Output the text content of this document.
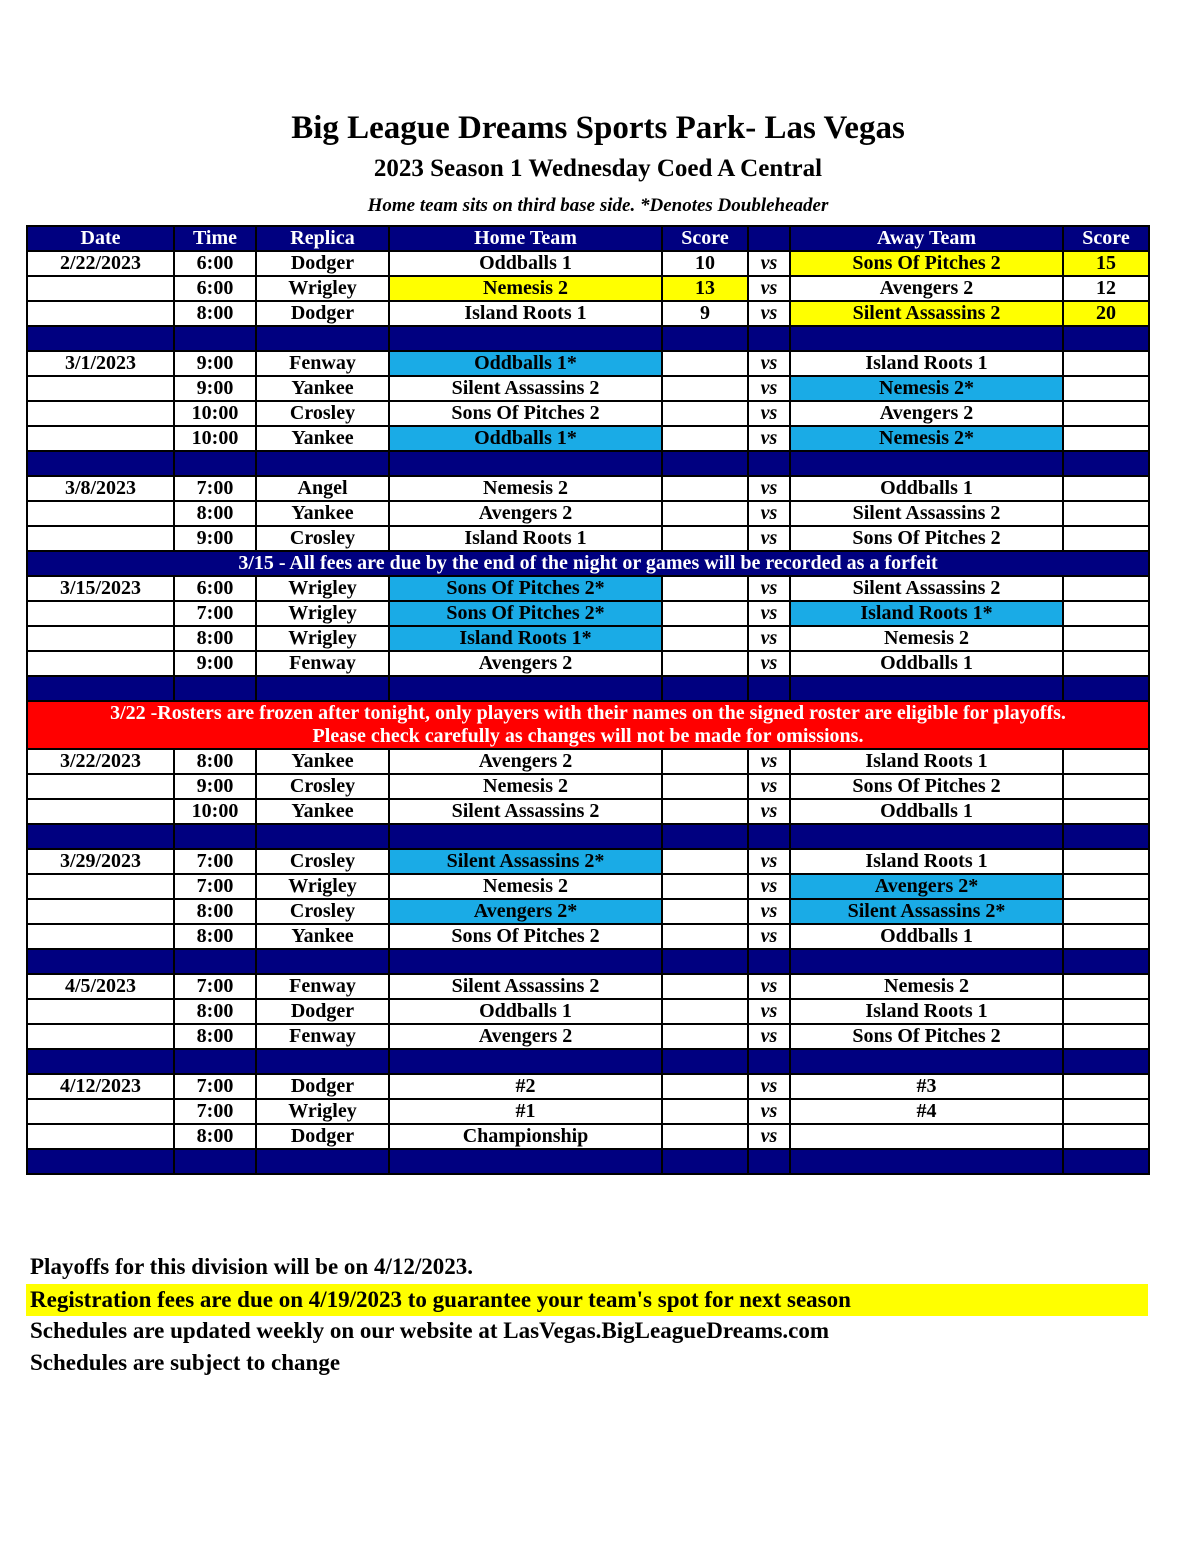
Big League Dreams Sports Park- Las Vegas
2023 Season 1 Wednesday Coed A Central
Home team sits on third base side. *Denotes Doubleheader
Date	Time	Replica	Home Team	Score		Away Team	Score
2/22/2023	6:00	Dodger	Oddballs 1	10	vs	Sons Of Pitches 2	15
	6:00	Wrigley	Nemesis 2	13	vs	Avengers 2	12
	8:00	Dodger	Island Roots 1	9	vs	Silent Assassins 2	20

3/1/2023	9:00	Fenway	Oddballs 1*		vs	Island Roots 1	
	9:00	Yankee	Silent Assassins 2		vs	Nemesis 2*	
	10:00	Crosley	Sons Of Pitches 2		vs	Avengers 2	
	10:00	Yankee	Oddballs 1*		vs	Nemesis 2*	

3/8/2023	7:00	Angel	Nemesis 2		vs	Oddballs 1	
	8:00	Yankee	Avengers 2		vs	Silent Assassins 2	
	9:00	Crosley	Island Roots 1		vs	Sons Of Pitches 2	
3/15 - All fees are due by the end of the night or games will be recorded as a forfeit							
3/15/2023	6:00	Wrigley	Sons Of Pitches 2*		vs	Silent Assassins 2	
	7:00	Wrigley	Sons Of Pitches 2*		vs	Island Roots 1*	
	8:00	Wrigley	Island Roots 1*		vs	Nemesis 2	
	9:00	Fenway	Avengers 2		vs	Oddballs 1	

3/22 -Rosters are frozen after tonight, only players with their names on the signed roster are eligible for playoffs.
Please check carefully as changes will not be made for omissions.							

3/22/2023	8:00	Yankee	Avengers 2		vs	Island Roots 1	
	9:00	Crosley	Nemesis 2		vs	Sons Of Pitches 2	
	10:00	Yankee	Silent Assassins 2		vs	Oddballs 1	

3/29/2023	7:00	Crosley	Silent Assassins 2*		vs	Island Roots 1	
	7:00	Wrigley	Nemesis 2		vs	Avengers 2*	
	8:00	Crosley	Avengers 2*		vs	Silent Assassins 2*	
	8:00	Yankee	Sons Of Pitches 2		vs	Oddballs 1	

4/5/2023	7:00	Fenway	Silent Assassins 2		vs	Nemesis 2	
	8:00	Dodger	Oddballs 1		vs	Island Roots 1	
	8:00	Fenway	Avengers 2		vs	Sons Of Pitches 2	

4/12/2023	7:00	Dodger	#2		vs	#3	
	7:00	Wrigley	#1		vs	#4	
	8:00	Dodger	Championship		vs		

Playoffs for this division will be on 4/12/2023.
Registration fees are due on 4/19/2023 to guarantee your team's spot for next season
Schedules are updated weekly on our website at LasVegas.BigLeagueDreams.com
Schedules are subject to change
